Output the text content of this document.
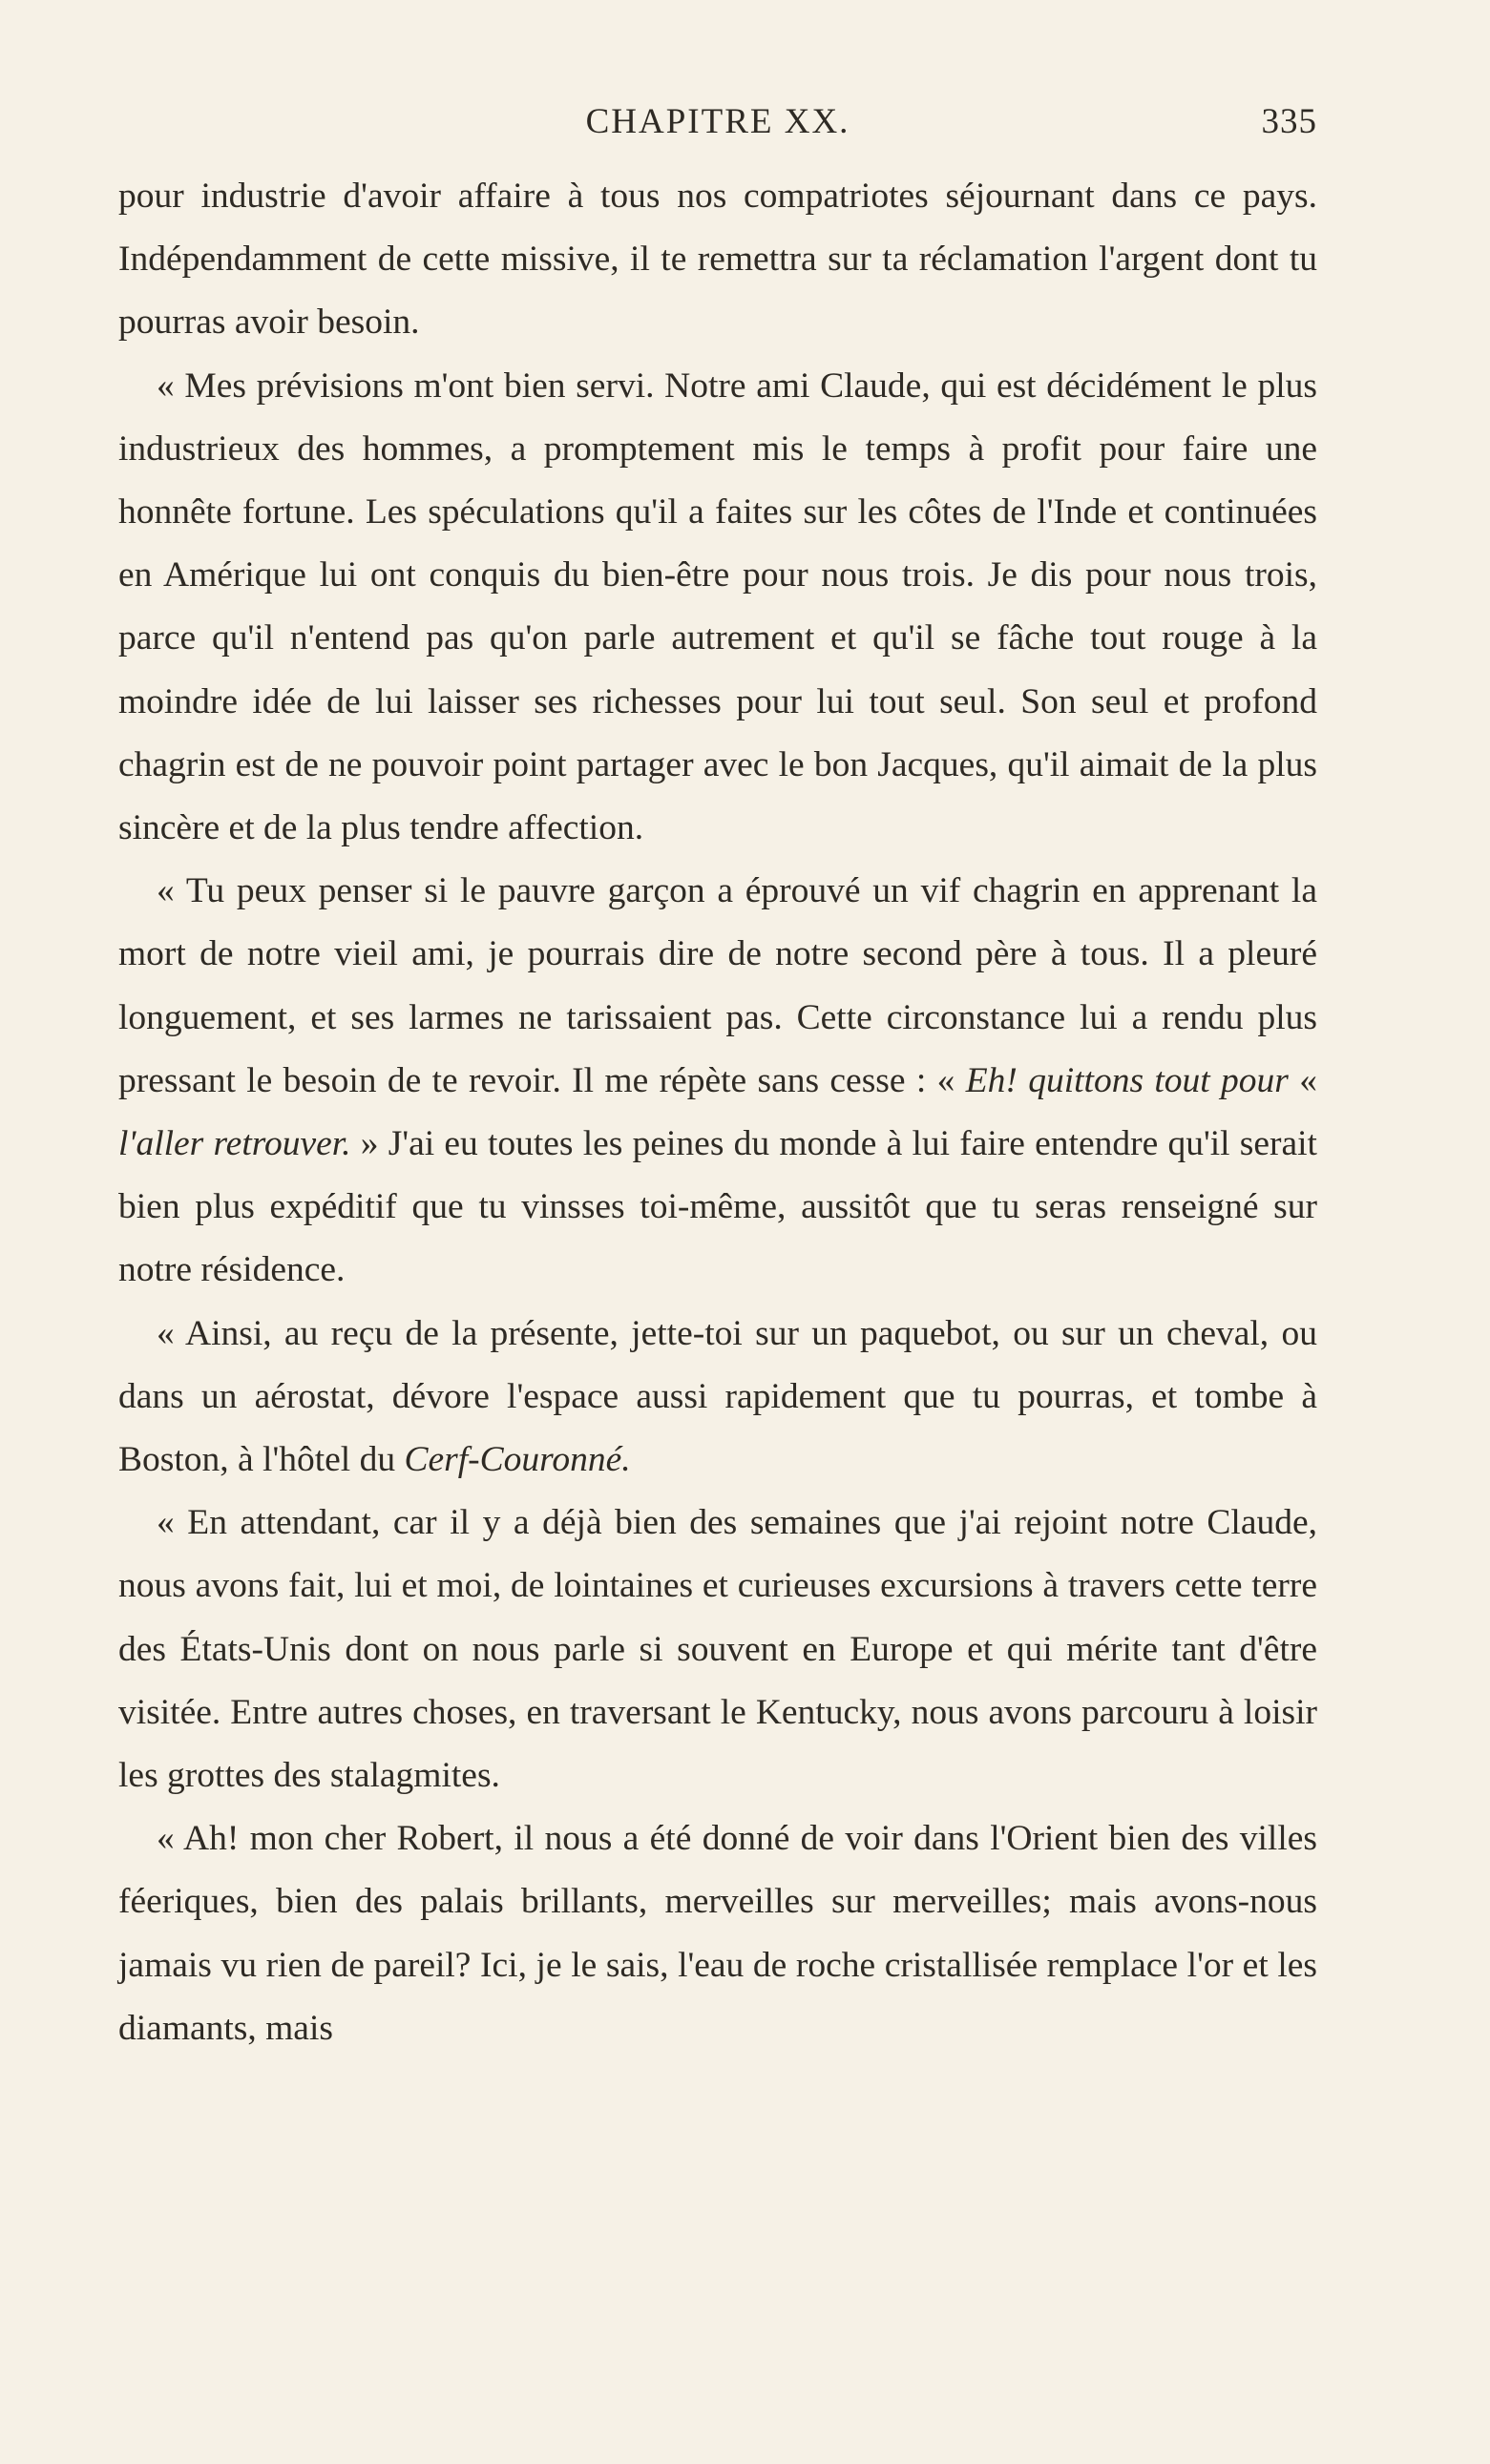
CHAPITRE XX.	335

pour industrie d'avoir affaire à tous nos compatriotes séjournant dans ce pays. Indépendamment de cette missive, il te remettra sur ta réclamation l'argent dont tu pourras avoir besoin.

« Mes prévisions m'ont bien servi. Notre ami Claude, qui est décidément le plus industrieux des hommes, a promptement mis le temps à profit pour faire une honnête fortune. Les spéculations qu'il a faites sur les côtes de l'Inde et continuées en Amérique lui ont conquis du bien-être pour nous trois. Je dis pour nous trois, parce qu'il n'entend pas qu'on parle autrement et qu'il se fâche tout rouge à la moindre idée de lui laisser ses richesses pour lui tout seul. Son seul et profond chagrin est de ne pouvoir point partager avec le bon Jacques, qu'il aimait de la plus sincère et de la plus tendre affection.

« Tu peux penser si le pauvre garçon a éprouvé un vif chagrin en apprenant la mort de notre vieil ami, je pourrais dire de notre second père à tous. Il a pleuré longuement, et ses larmes ne tarissaient pas. Cette circonstance lui a rendu plus pressant le besoin de te revoir. Il me répète sans cesse : « Eh! quittons tout pour « l'aller retrouver. » J'ai eu toutes les peines du monde à lui faire entendre qu'il serait bien plus expéditif que tu vinsses toi-même, aussitôt que tu seras renseigné sur notre résidence.

« Ainsi, au reçu de la présente, jette-toi sur un paquebot, ou sur un cheval, ou dans un aérostat, dévore l'espace aussi rapidement que tu pourras, et tombe à Boston, à l'hôtel du Cerf-Couronné.

« En attendant, car il y a déjà bien des semaines que j'ai rejoint notre Claude, nous avons fait, lui et moi, de lointaines et curieuses excursions à travers cette terre des États-Unis dont on nous parle si souvent en Europe et qui mérite tant d'être visitée. Entre autres choses, en traversant le Kentucky, nous avons parcouru à loisir les grottes des stalagmites.

« Ah! mon cher Robert, il nous a été donné de voir dans l'Orient bien des villes féeriques, bien des palais brillants, merveilles sur merveilles; mais avons-nous jamais vu rien de pareil? Ici, je le sais, l'eau de roche cristallisée remplace l'or et les diamants, mais
